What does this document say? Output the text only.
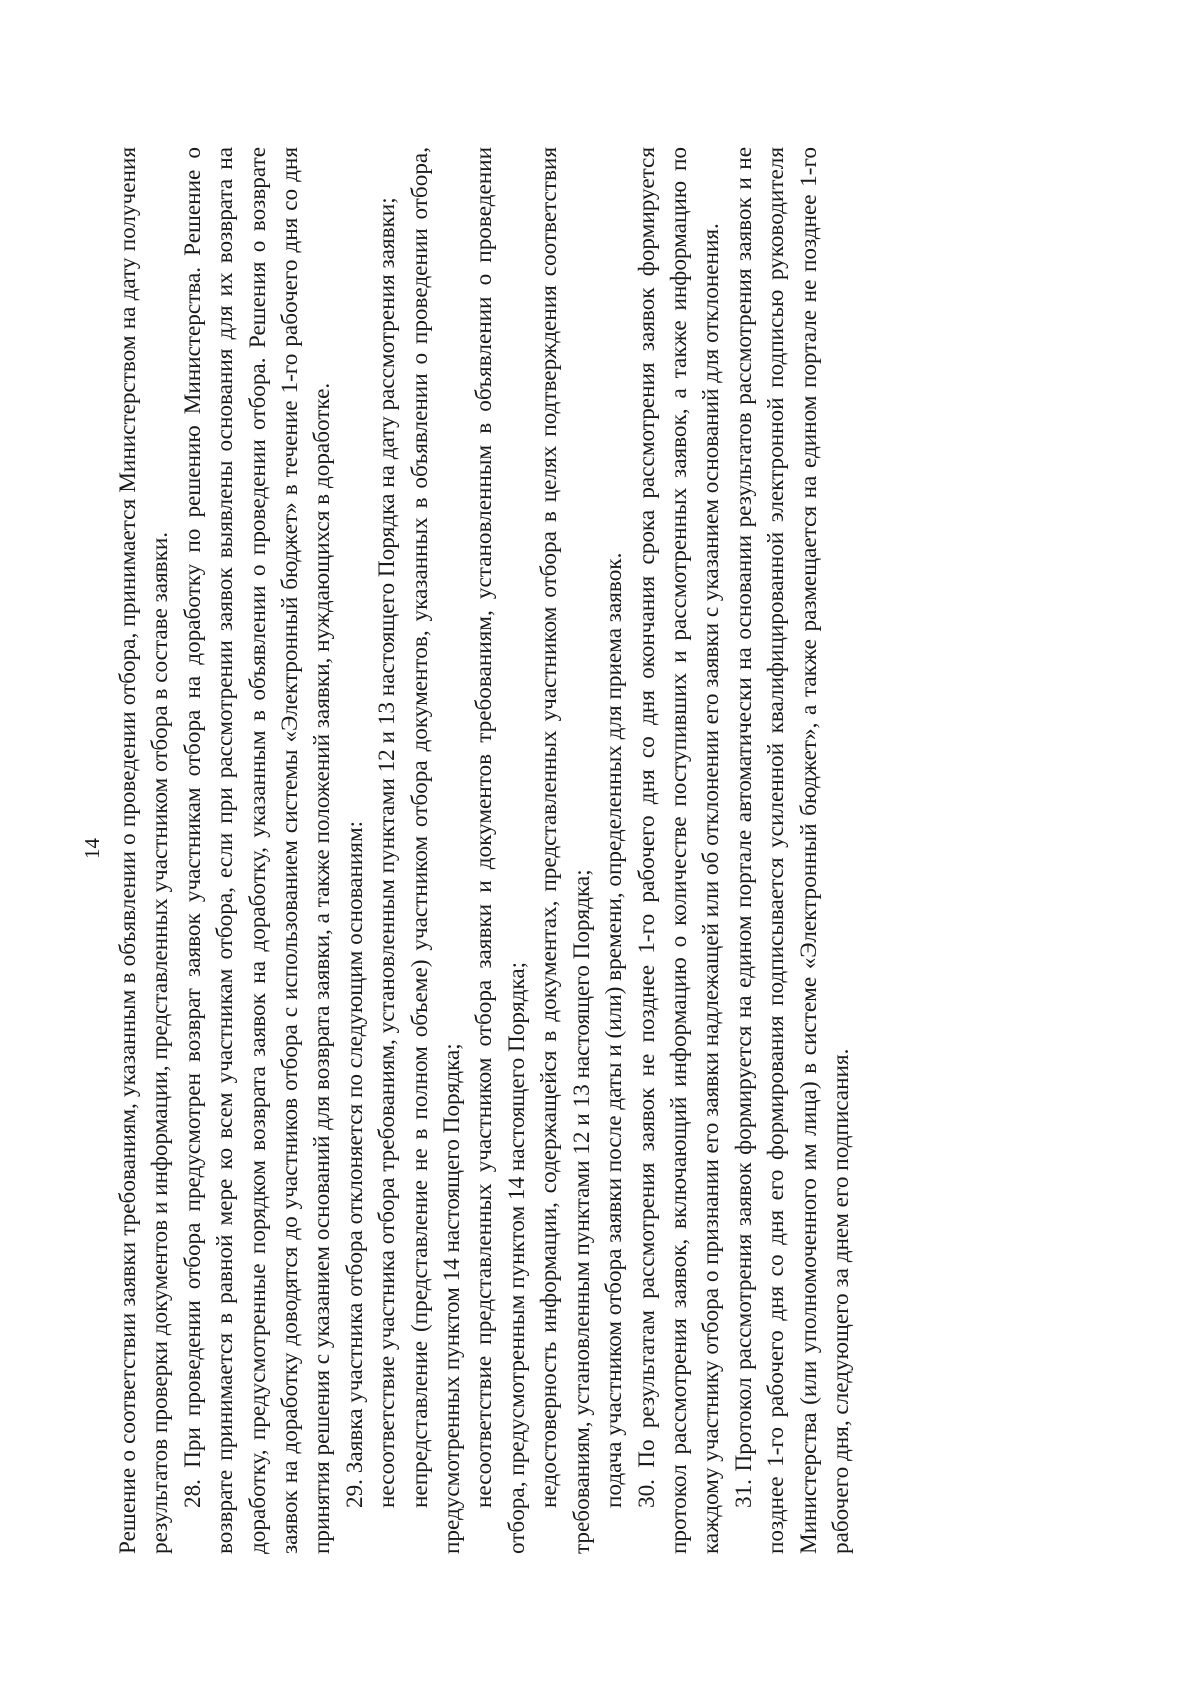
14 Решение о соответствии заявки требованиям, указанным в объявлении о проведении отбора, принимается Министерством на дату получения результатов проверки документов и информации, представленных участником отбора в составе заявки. 28. При проведении отбора предусмотрен возврат заявок участникам отбора на доработку по решению Министерства. Решение о возврате принимается в равной мере ко всем участникам отбора, если при рассмотрении заявок выявлены основания для их возврата на доработку, предусмотренные порядком возврата заявок на доработку, указанным в объявлении о проведении отбора. Решения о возврате заявок на доработку доводятся до участников отбора с использованием системы «Электронный бюджет» в течение 1-го рабочего дня со дня принятия решения с указанием оснований для возврата заявки, а также положений заявки, нуждающихся в доработке. 29. Заявка участника отбора отклоняется по следующим основаниям: несоответствие участника отбора требованиям, установленным пунктами 12 и 13 настоящего Порядка на дату рассмотрения заявки; непредставление (представление не в полном объеме) участником отбора документов, указанных в объявлении о проведении отбора, предусмотренных пунктом 14 настоящего Порядка; несоответствие представленных участником отбора заявки и документов требованиям, установленным в объявлении о проведении отбора, предусмотренным пунктом 14 настоящего Порядка; недостоверность информации, содержащейся в документах, представленных участником отбора в целях подтверждения соответствия требованиям, установленным пунктами 12 и 13 настоящего Порядка; подача участником отбора заявки после даты и (или) времени, определенных для приема заявок. 30. По результатам рассмотрения заявок не позднее 1-го рабочего дня со дня окончания срока рассмотрения заявок формируется протокол рассмотрения заявок, включающий информацию о количестве поступивших и рассмотренных заявок, а также информацию по каждому участнику отбора о признании его заявки надлежащей или об отклонении его заявки с указанием оснований для отклонения. 31. Протокол рассмотрения заявок формируется на едином портале автоматически на основании результатов рассмотрения заявок и не позднее 1-го рабочего дня со дня его формирования подписывается усиленной квалифицированной электронной подписью руководителя Министерства (или уполномоченного им лица) в системе «Электронный бюджет», а также размещается на едином портале не позднее 1-го рабочего дня, следующего за днем его подписания.
